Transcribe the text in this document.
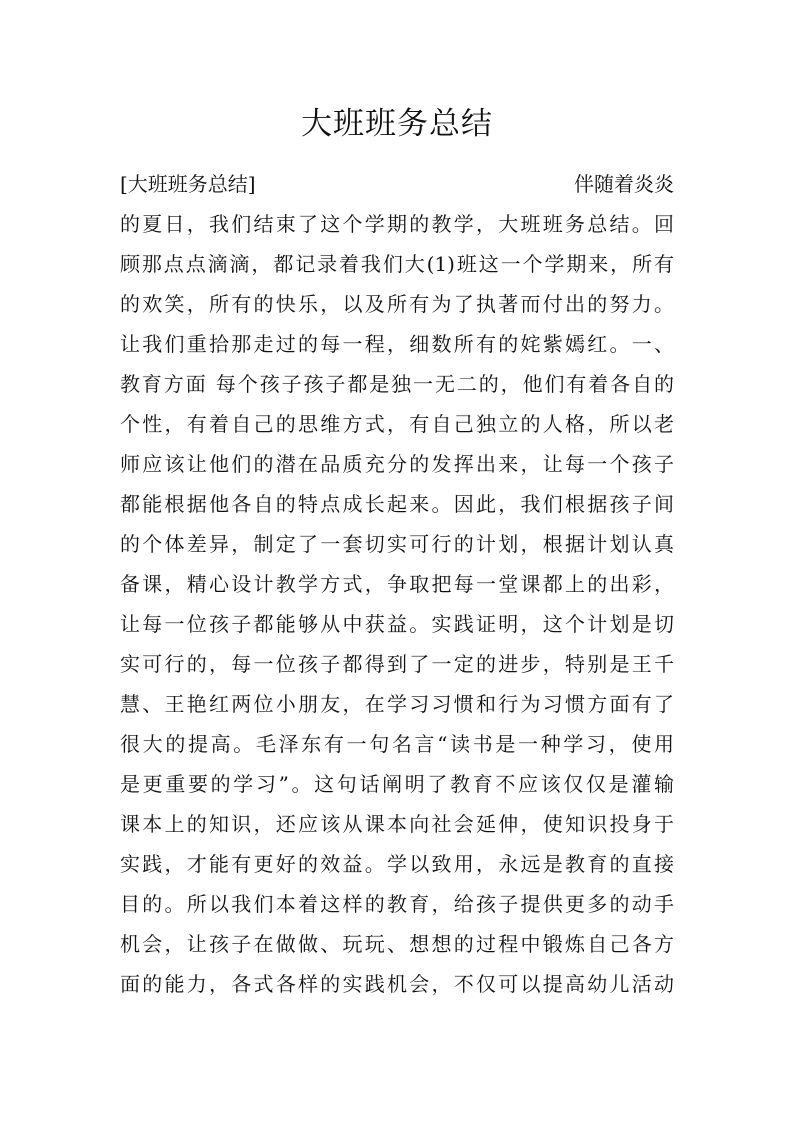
大班班务总结
[大班班务总结]	伴随着炎炎
的夏日，我们结束了这个学期的教学，大班班务总结。回
顾那点点滴滴，都记录着我们大(1)班这一个学期来，所有
的欢笑，所有的快乐，以及所有为了执著而付出的努力。
让我们重拾那走过的每一程，细数所有的姹紫嫣红。一、
教育方面 每个孩子孩子都是独一无二的，他们有着各自的
个性，有着自己的思维方式，有自己独立的人格，所以老
师应该让他们的潜在品质充分的发挥出来，让每一个孩子
都能根据他各自的特点成长起来。因此，我们根据孩子间
的个体差异，制定了一套切实可行的计划，根据计划认真
备课，精心设计教学方式，争取把每一堂课都上的出彩，
让每一位孩子都能够从中获益。实践证明，这个计划是切
实可行的，每一位孩子都得到了一定的进步，特别是王千
慧、王艳红两位小朋友，在学习习惯和行为习惯方面有了
很大的提高。毛泽东有一句名言“读书是一种学习，使用
是更重要的学习”。这句话阐明了教育不应该仅仅是灌输
课本上的知识，还应该从课本向社会延伸，使知识投身于
实践，才能有更好的效益。学以致用，永远是教育的直接
目的。所以我们本着这样的教育，给孩子提供更多的动手
机会，让孩子在做做、玩玩、想想的过程中锻炼自己各方
面的能力，各式各样的实践机会，不仅可以提高幼儿活动
